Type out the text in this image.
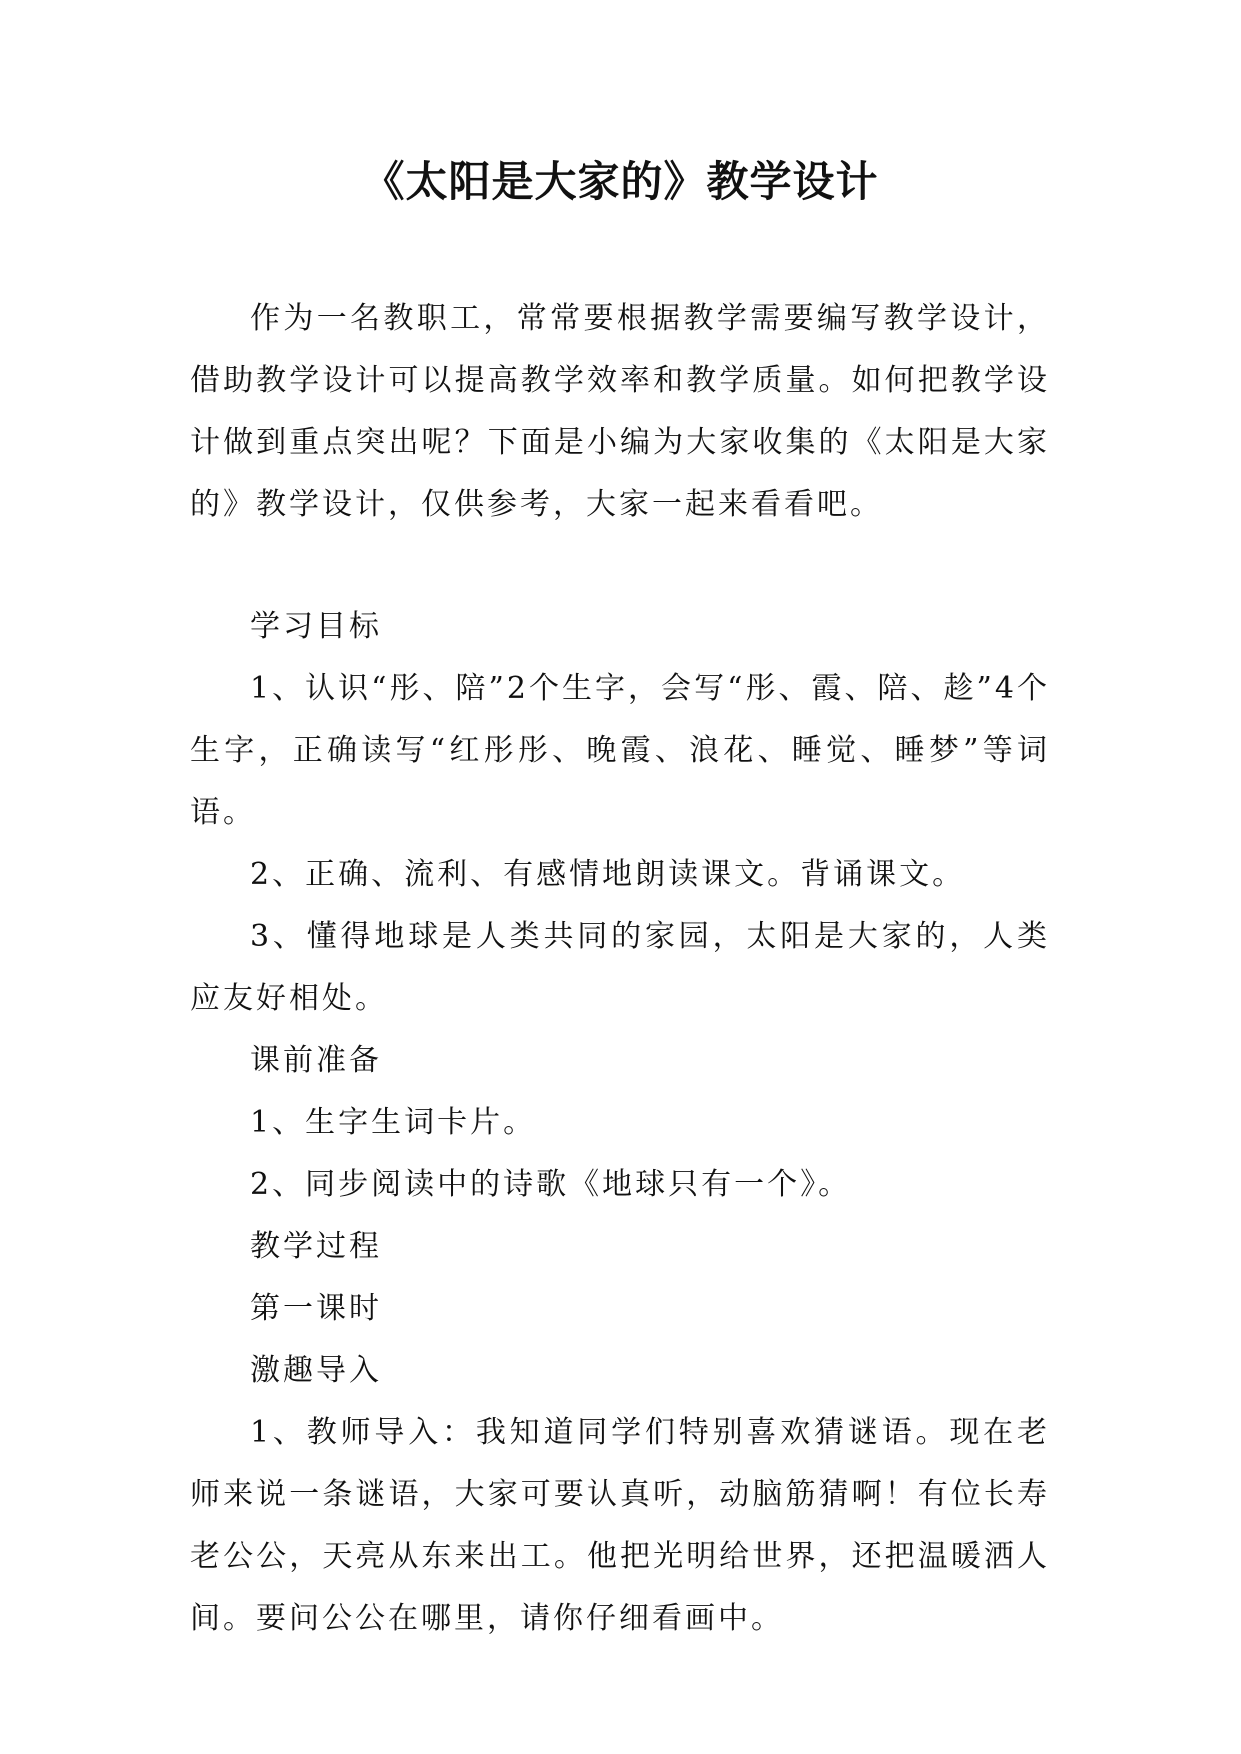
《太阳是大家的》教学设计

作为一名教职工，常常要根据教学需要编写教学设计，借助教学设计可以提高教学效率和教学质量。如何把教学设计做到重点突出呢？下面是小编为大家收集的《太阳是大家的》教学设计，仅供参考，大家一起来看看吧。

学习目标

1、认识“彤、陪”2个生字，会写“彤、霞、陪、趁”4个生字，正确读写“红彤彤、晚霞、浪花、睡觉、睡梦”等词语。

2、正确、流利、有感情地朗读课文。背诵课文。

3、懂得地球是人类共同的家园，太阳是大家的，人类应友好相处。

课前准备

1、生字生词卡片。

2、同步阅读中的诗歌《地球只有一个》。

教学过程

第一课时

激趣导入

1、教师导入：我知道同学们特别喜欢猜谜语。现在老师来说一条谜语，大家可要认真听，动脑筋猜啊！有位长寿老公公，天亮从东来出工。他把光明给世界，还把温暖洒人间。要问公公在哪里，请你仔细看画中。
